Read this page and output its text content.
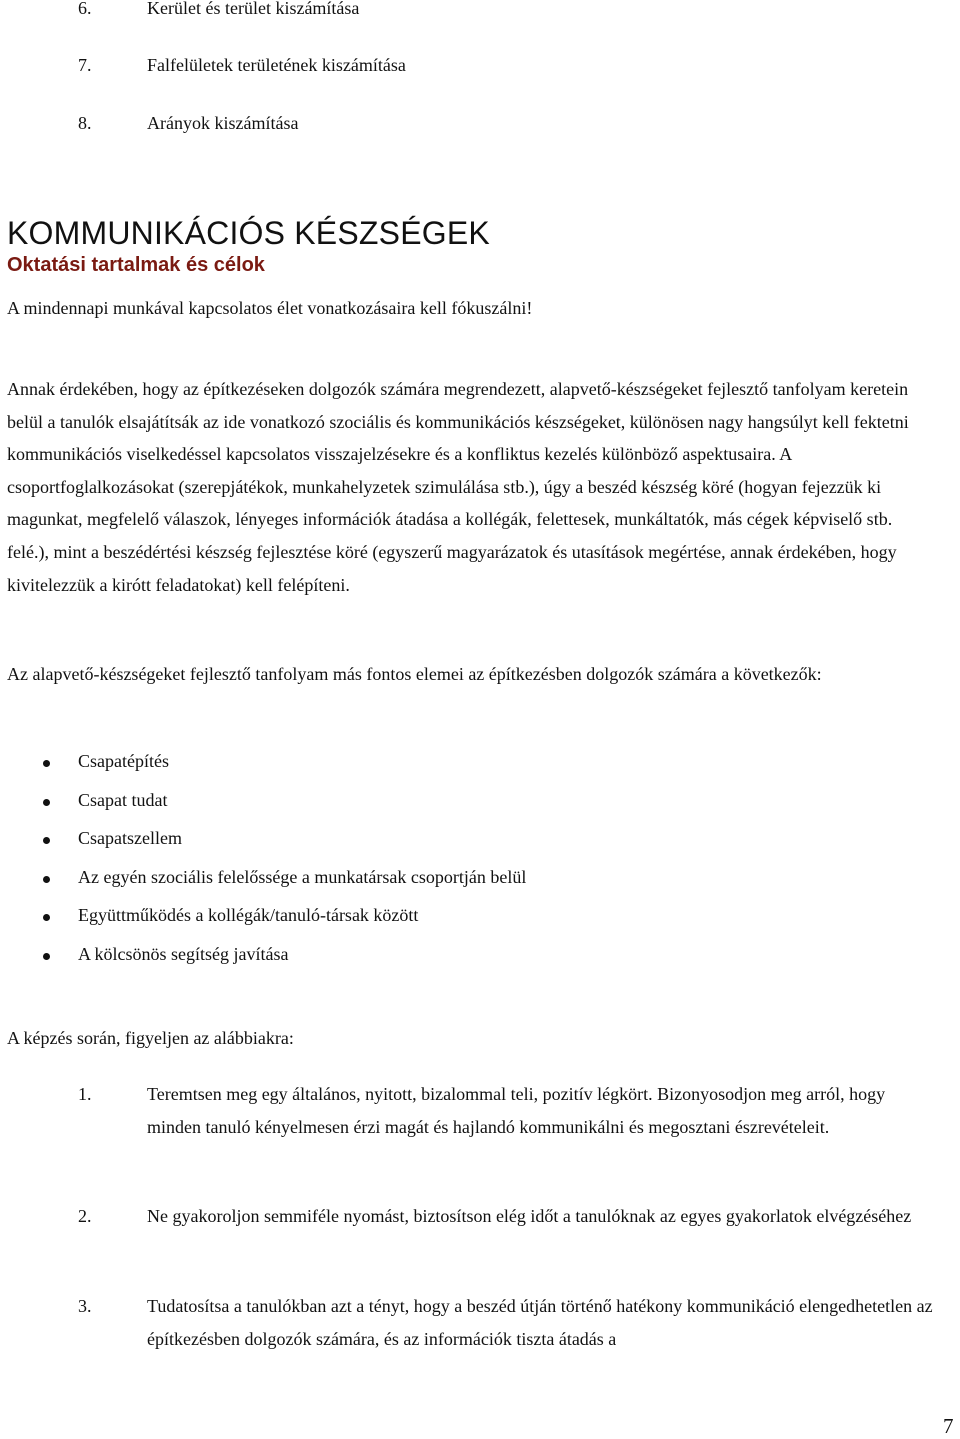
6.	Kerület és terület kiszámítása
7.	Falfelületek területének kiszámítása
8.	Arányok kiszámítása
KOMMUNIKÁCIÓS KÉSZSÉGEK
Oktatási tartalmak és célok

A mindennapi munkával kapcsolatos élet vonatkozásaira kell fókuszálni!

Annak érdekében, hogy az építkezéseken dolgozók számára megrendezett, alapvető-készségeket fejlesztő tanfolyam keretein belül a tanulók elsajátítsák az ide vonatkozó szociális és kommunikációs készségeket, különösen nagy hangsúlyt kell fektetni kommunikációs viselkedéssel kapcsolatos visszajelzésekre és a konfliktus kezelés különböző aspektusaira. A csoportfoglalkozásokat (szerepjátékok, munkahelyzetek szimulálása stb.), úgy a beszéd készség köré (hogyan fejezzük ki magunkat, megfelelő válaszok, lényeges információk átadása a kollégák, felettesek, munkáltatók, más cégek képviselő stb. felé.), mint a beszédértési készség fejlesztése köré (egyszerű magyarázatok és utasítások megértése, annak érdekében, hogy kivitelezzük a kirótt feladatokat) kell felépíteni.

Az alapvető-készségeket fejlesztő tanfolyam más fontos elemei az építkezésben dolgozók számára a következők:

Csapatépítés
Csapat tudat
Csapatszellem
Az egyén szociális felelőssége a munkatársak csoportján belül
Együttműködés a kollégák/tanuló-társak között
A kölcsönös segítség javítása

A képzés során, figyeljen az alábbiakra:

1.	Teremtsen meg egy általános, nyitott, bizalommal teli, pozitív légkört. Bizonyosodjon meg arról, hogy minden tanuló kényelmesen érzi magát és hajlandó kommunikálni és megosztani észrevételeit.
2.	Ne gyakoroljon semmiféle nyomást, biztosítson elég időt a tanulóknak az egyes gyakorlatok elvégzéséhez
3.	Tudatosítsa a tanulókban azt a tényt, hogy a beszéd útján történő hatékony kommunikáció elengedhetetlen az építkezésben dolgozók számára, és az információk tiszta átadás a
7
